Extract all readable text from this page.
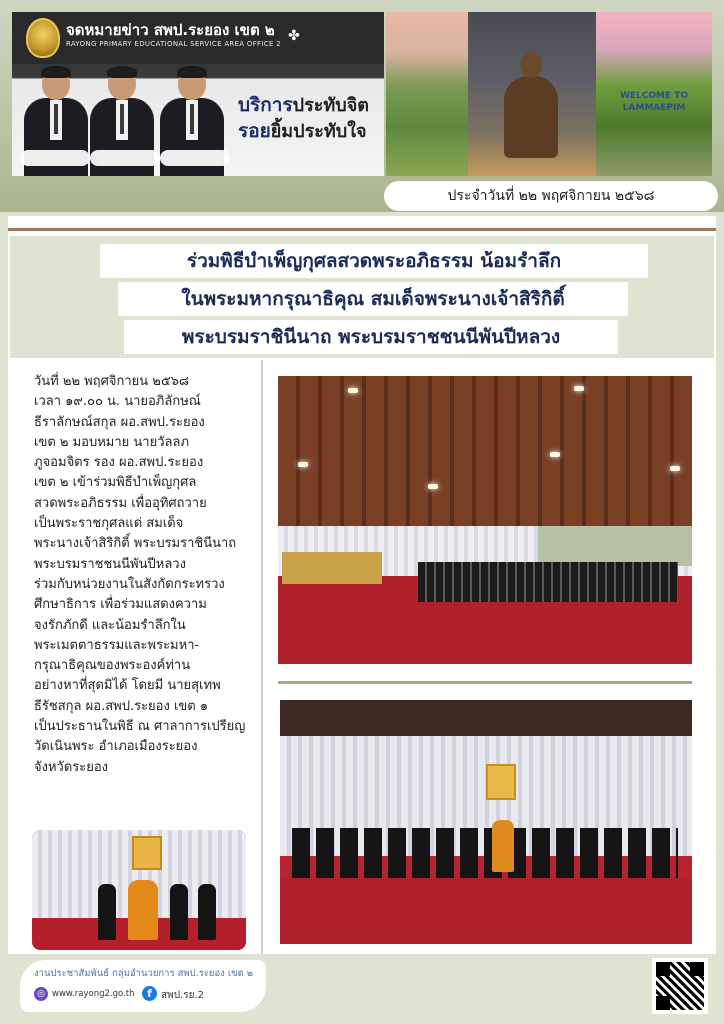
จดหมายข่าว สพป.ระยอง เขต ๒
RAYONG PRIMARY EDUCATIONAL SERVICE AREA OFFICE 2 ✤
บริการประทับจิต
รอยยิ้มประทับใจ
WELCOME TO LAMMAEPIM
ประจำวันที่ ๒๒ พฤศจิกายน ๒๕๖๘
ร่วมพิธีบำเพ็ญกุศลสวดพระอภิธรรม น้อมรำลึก
ในพระมหากรุณาธิคุณ สมเด็จพระนางเจ้าสิริกิติ์
พระบรมราชินีนาถ พระบรมราชชนนีพันปีหลวง
วันที่ ๒๒ พฤศจิกายน ๒๕๖๘
เวลา ๑๙.๐๐ น. นายอภิลักษณ์
ธีราลักษณ์สกุล ผอ.สพป.ระยอง
เขต ๒ มอบหมาย นายวัลลภ
ภูจอมจิตร รอง ผอ.สพป.ระยอง
เขต ๒ เข้าร่วมพิธีบำเพ็ญกุศล
สวดพระอภิธรรม เพื่ออุทิศถวาย
เป็นพระราชกุศลแด่ สมเด็จ
พระนางเจ้าสิริกิติ์ พระบรมราชินีนาถ
พระบรมราชชนนีพันปีหลวง
ร่วมกับหน่วยงานในสังกัดกระทรวง
ศึกษาธิการ เพื่อร่วมแสดงความ
จงรักภักดี และน้อมรำลึกใน
พระเมตตาธรรมและพระมหา-
กรุณาธิคุณของพระองค์ท่าน
อย่างหาที่สุดมิได้ โดยมี นายสุเทพ
ธีรัชสกุล ผอ.สพป.ระยอง เขต ๑
เป็นประธานในพิธี ณ ศาลาการเปรียญ
วัดเนินพระ อำเภอเมืองระยอง
จังหวัดระยอง
งานประชาสัมพันธ์ กลุ่มอำนวยการ สพป.ระยอง เขต ๒
◎ www.rayong2.go.th	f สพป.รย.2
